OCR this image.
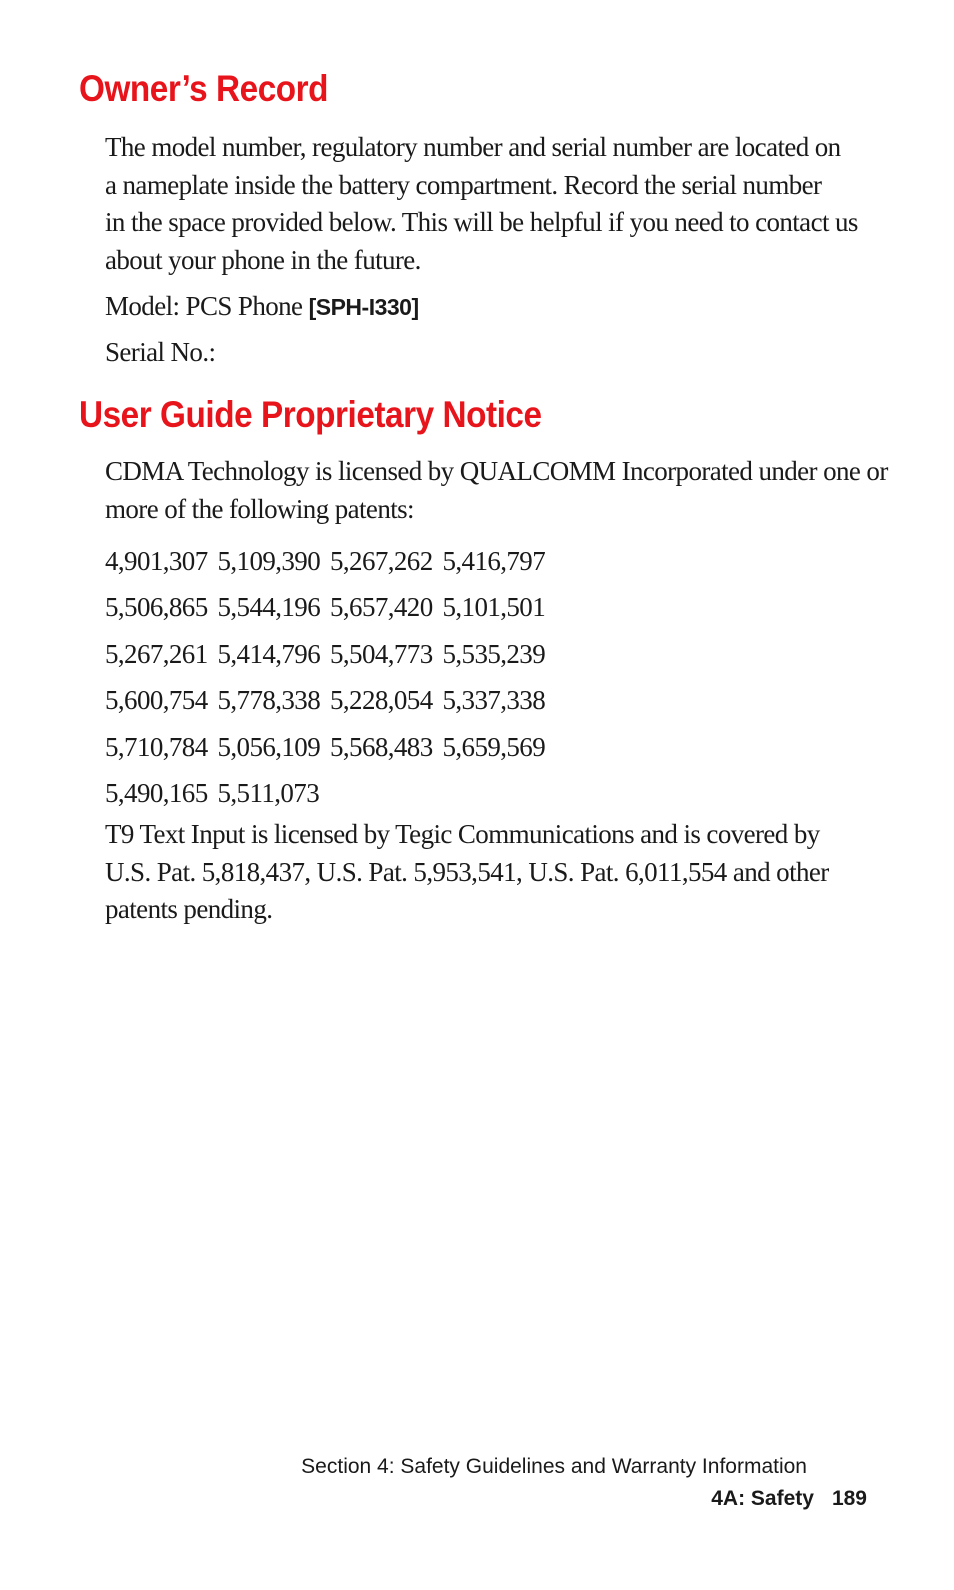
Owner’s Record
The model number, regulatory number and serial number are located on
a nameplate inside the battery compartment. Record the serial number
in the space provided below. This will be helpful if you need to contact us
about your phone in the future.
Model: PCS Phone [SPH-I330]
Serial No.:
User Guide Proprietary Notice
CDMA Technology is licensed by QUALCOMM Incorporated under one or
more of the following patents:
4,901,307 5,109,390 5,267,262 5,416,797
5,506,865 5,544,196 5,657,420 5,101,501
5,267,261 5,414,796 5,504,773 5,535,239
5,600,754 5,778,338 5,228,054 5,337,338
5,710,784 5,056,109 5,568,483 5,659,569
5,490,165 5,511,073
T9 Text Input is licensed by Tegic Communications and is covered by
U.S. Pat. 5,818,437, U.S. Pat. 5,953,541, U.S. Pat. 6,011,554 and other
patents pending.
Section 4: Safety Guidelines and Warranty Information
4A: Safety 189
